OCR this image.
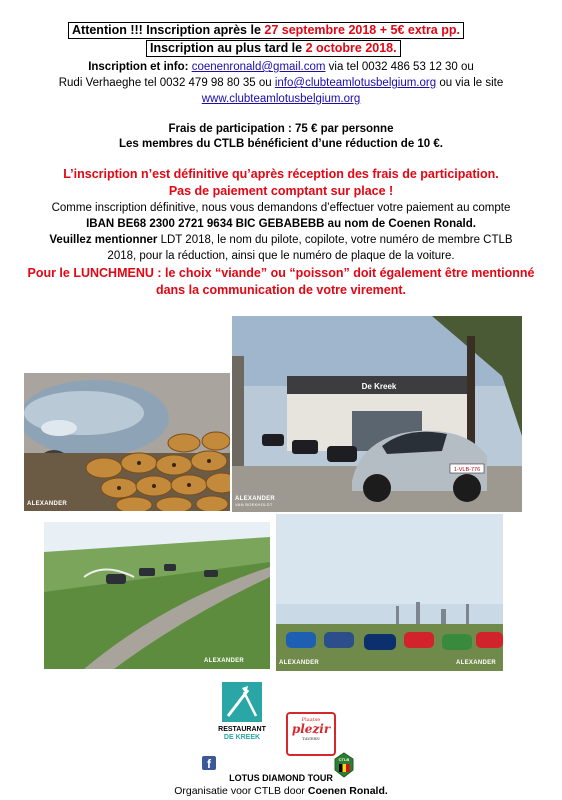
Attention !!! Inscription après le 27 septembre 2018 + 5€ extra pp.
Inscription au plus tard le 2 octobre 2018.
Inscription et info: coenenronald@gmail.com via tel 0032 486 53 12 30 ou
Rudi Verhaeghe tel 0032 479 98 80 35 ou info@clubteamlotusbelgium.org ou via le site
www.clubteamlotusbelgium.org
Frais de participation : 75 € par personne
Les membres du CTLB bénéficient d’une réduction de 10 €.
L’inscription n’est définitive qu’après réception des frais de participation.
Pas de paiement comptant sur place !
Comme inscription définitive, nous vous demandons d’effectuer votre paiement au compte
IBAN BE68 2300 2721 9634 BIC GEBABEBB au nom de Coenen Ronald.
Veuillez mentionner LDT 2018, le nom du pilote, copilote, votre numéro de membre CTLB
2018, pour la réduction, ainsi que le numéro de plaque de la voiture.
Pour le LUNCHMENU : le choix “viande” ou “poisson” doit également être mentionné
dans la communication de votre virement.
ALEXANDER
1-VLB-776
De Kreek
ALEXANDER
VAN BOEKHOLDT
ALEXANDER	ALEXANDER	ALEXANDER
RESTAURANT
DE KREEK
Plaatse
plezir
TAVERN
f	CTLB
LOTUS DIAMOND TOUR
Organisatie voor CTLB door Coenen Ronald.
